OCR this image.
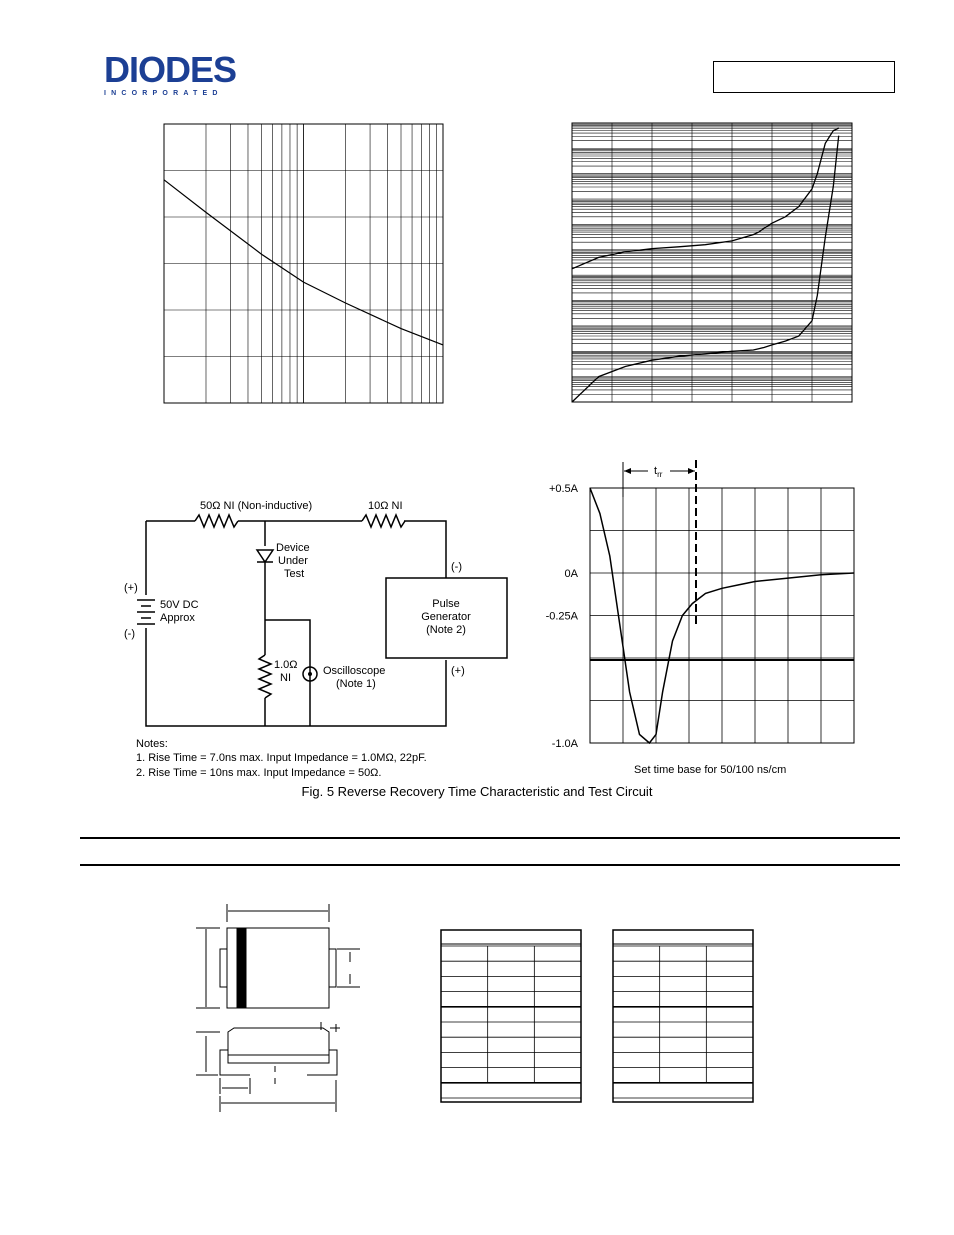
DIODES
INCORPORATED
50Ω NI (Non-inductive)	10Ω NI
Device
Under
Test
(+)
(-)
50V DC
Approx
(-)
(+)
Pulse
Generator
(Note 2)
1.0Ω
NI
Oscilloscope
(Note 1)
Notes:
1. Rise Time = 7.0ns max. Input Impedance = 1.0MΩ, 22pF.
2. Rise Time = 10ns max. Input Impedance = 50Ω.
+0.5A
0A
-0.25A
-1.0A
$t_{rr}$
Set time base for 50/100 ns/cm
Fig. 5 Reverse Recovery Time Characteristic and Test Circuit
